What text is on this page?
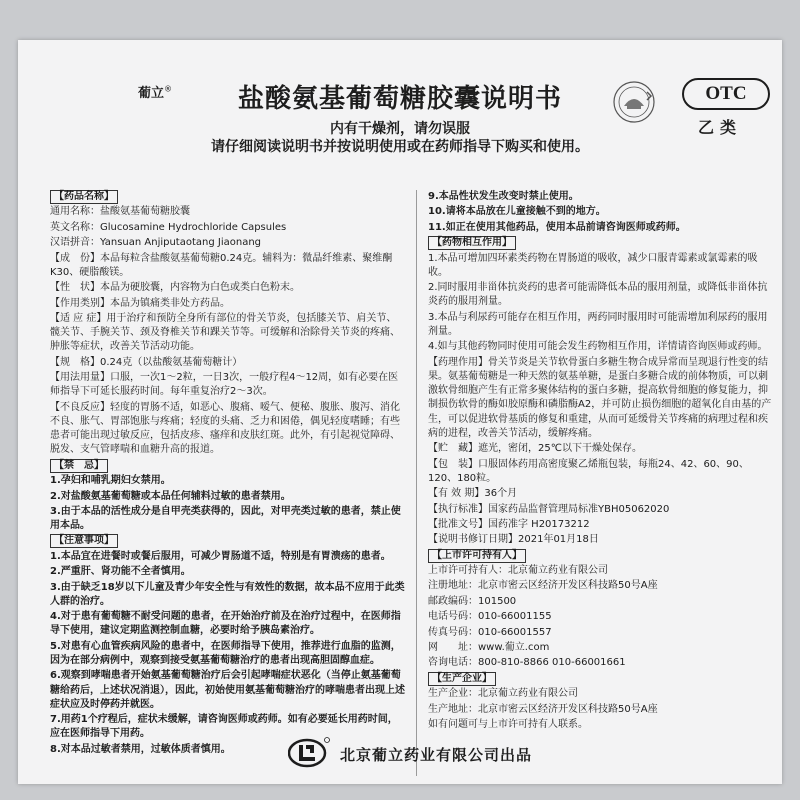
葡立®	盐酸氨基葡萄糖胶囊说明书
内有干燥剂，请勿误服
请仔细阅读说明书并按说明使用或在药师指导下购买和使用。
OTC
乙类

【药品名称】

通用名称：盐酸氨基葡萄糖胶囊

英文名称：Glucosamine Hydrochloride Capsules

汉语拼音：Yansuan Anjiputaotang Jiaonang

【成　份】本品每粒含盐酸氨基葡萄糖0.24克。辅料为：微晶纤维素、聚维酮K30、硬脂酸镁。

【性　状】本品为硬胶囊，内容物为白色或类白色粉末。

【作用类别】本品为镇痛类非处方药品。

【适 应 症】用于治疗和预防全身所有部位的骨关节炎，包括膝关节、肩关节、髋关节、手腕关节、颈及脊椎关节和踝关节等。可缓解和治除骨关节炎的疼痛、肿胀等症状，改善关节活动功能。

【规　格】0.24克（以盐酸氨基葡萄糖计）

【用法用量】口服，一次1～2粒，一日3次，一般疗程4～12周，如有必要在医师指导下可延长服药时间。每年重复治疗2～3次。

【不良反应】轻度的胃肠不适，如恶心、腹痛、嗳气、便秘、腹胀、腹泻、消化不良、胀气、胃部饱胀与疼痛；轻度的头痛、乏力和困倦，偶见轻度嗜睡；有些患者可能出现过敏反应，包括皮疹、瘙痒和皮肤红斑。此外，有引起视觉障碍、脱发、支气管哮喘和血糖升高的报道。

【禁　忌】

1.孕妇和哺乳期妇女禁用。

2.对盐酸氨基葡萄糖或本品任何辅料过敏的患者禁用。

3.由于本品的活性成分是自甲壳类获得的，因此，对甲壳类过敏的患者，禁止使用本品。

【注意事项】

1.本品宜在进餐时或餐后服用，可减少胃肠道不适，特别是有胃溃疡的患者。

2.严重肝、肾功能不全者慎用。

3.由于缺乏18岁以下儿童及青少年安全性与有效性的数据，故本品不应用于此类人群的治疗。

4.对于患有葡萄糖不耐受问题的患者，在开始治疗前及在治疗过程中，在医师指导下使用，建议定期监测控制血糖，必要时给予胰岛素治疗。

5.对患有心血管疾病风险的患者中，在医师指导下使用，推荐进行血脂的监测，因为在部分病例中，观察到接受氨基葡萄糖治疗的患者出现高胆固醇血症。

6.观察到哮喘患者开始氨基葡萄糖治疗后会引起哮喘症状恶化（当停止氨基葡萄糖给药后，上述状况消退），因此，初始使用氨基葡萄糖治疗的哮喘患者出现上述症状应及时停药并就医。

7.用药1个疗程后，症状未缓解，请咨询医师或药师。如有必要延长用药时间，应在医师指导下用药。

8.对本品过敏者禁用，过敏体质者慎用。

9.本品性状发生改变时禁止使用。

10.请将本品放在儿童接触不到的地方。

11.如正在使用其他药品，使用本品前请咨询医师或药师。

【药物相互作用】

1.本品可增加四环素类药物在胃肠道的吸收，减少口服青霉素或氯霉素的吸收。

2.同时服用非甾体抗炎药的患者可能需降低本品的服用剂量，或降低非甾体抗炎药的服用剂量。

3.本品与利尿药可能存在相互作用，两药同时服用时可能需增加利尿药的服用剂量。

4.如与其他药物同时使用可能会发生药物相互作用，详情请咨询医师或药师。

【药理作用】骨关节炎是关节软骨蛋白多糖生物合成异常而呈现退行性变的结果。氨基葡萄糖是一种天然的氨基单糖，是蛋白多糖合成的前体物质，可以刺激软骨细胞产生有正常多聚体结构的蛋白多糖，提高软骨细胞的修复能力，抑制损伤软骨的酶如胶原酶和磷脂酶A2，并可防止损伤细胞的超氧化自由基的产生，可以促进软骨基质的修复和重建，从而可延缓骨关节疼痛的病理过程和疾病的进程，改善关节活动，缓解疼痛。

【贮　藏】遮光，密闭，25℃以下干燥处保存。

【包　装】口服固体药用高密度聚乙烯瓶包装，每瓶24、42、60、90、120、180粒。

【有 效 期】36个月

【执行标准】国家药品监督管理局标准YBH05062020

【批准文号】国药准字 H20173212

【说明书修订日期】2021年01月18日

【上市许可持有人】

上市许可持有人：北京葡立药业有限公司

注册地址：北京市密云区经济开发区科技路50号A座

邮政编码：101500

电话号码：010-66001155

传真号码：010-66001557

网　　址：www.葡立.com

咨询电话：800-810-8866 010-66001661

【生产企业】

生产企业：北京葡立药业有限公司

生产地址：北京市密云区经济开发区科技路50号A座

如有问题可与上市许可持有人联系。

北京葡立药业有限公司出品
